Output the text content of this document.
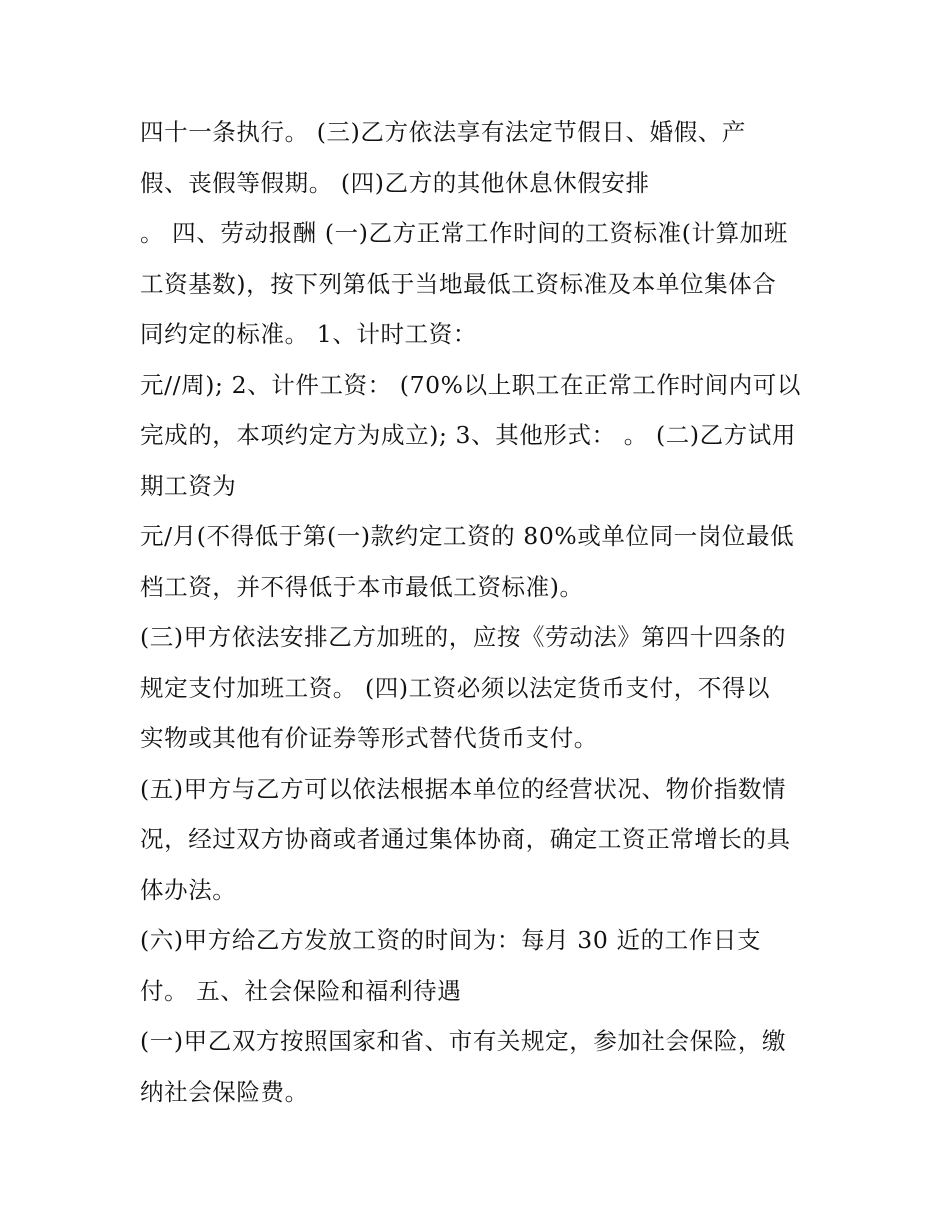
四十一条执行。 (三)乙方依法享有法定节假日、婚假、产
假、丧假等假期。 (四)乙方的其他休息休假安排
。 四、劳动报酬 (一)乙方正常工作时间的工资标准(计算加班
工资基数)，按下列第低于当地最低工资标准及本单位集体合
同约定的标准。 1、计时工资：
元//周); 2、计件工资： (70%以上职工在正常工作时间内可以
完成的，本项约定方为成立); 3、其他形式： 。 (二)乙方试用
期工资为
元/月(不得低于第(一)款约定工资的 80%或单位同一岗位最低
档工资，并不得低于本市最低工资标准)。
(三)甲方依法安排乙方加班的，应按《劳动法》第四十四条的
规定支付加班工资。 (四)工资必须以法定货币支付，不得以
实物或其他有价证券等形式替代货币支付。
(五)甲方与乙方可以依法根据本单位的经营状况、物价指数情
况，经过双方协商或者通过集体协商，确定工资正常增长的具
体办法。
(六)甲方给乙方发放工资的时间为：每月 30 近的工作日支
付。 五、社会保险和福利待遇
(一)甲乙双方按照国家和省、市有关规定，参加社会保险，缴
纳社会保险费。
